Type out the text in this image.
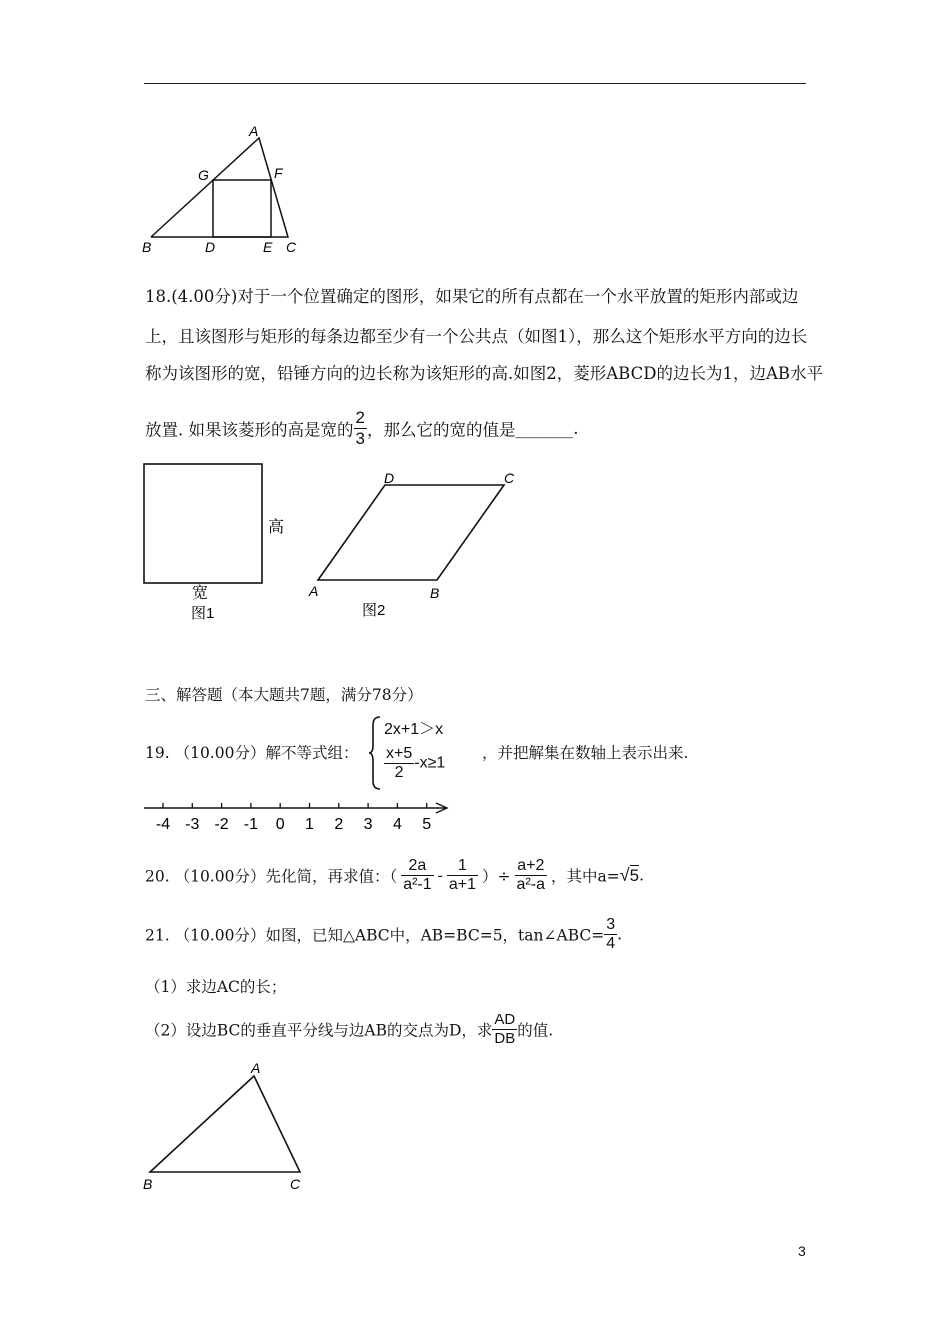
A
G	F
B	D	E C
18.(4.00分)对于一个位置确定的图形，如果它的所有点都在一个水平放置的矩形内部或边
上，且该图形与矩形的每条边都至少有一个公共点（如图1），那么这个矩形水平方向的边长
称为该图形的宽，铅锤方向的边长称为该矩形的高.如图2，菱形ABCD的边长为1，边AB水平
放置. 如果该菱形的高是宽的 $\frac{2}{3}$ ，那么它的宽的值是_______.
高
宽
图1
A	B
C
D
图2
三、解答题（本大题共7题，满分78分）
19. （10.00分）解不等式组：
2x+1＞x
$\frac{x+5}{2} -x\ge 1$
，并把解集在数轴上表示出来.
-4 -3 -2 -1 0 1 2 3 4 5
20. （10.00分）先化简，再求值：（ $\frac{2a}{\text{a²-1}} - \frac{1}{a+1}$ ）÷ $\frac{a+2}{\text{a²-a}}$ ，其中a=√5.
21. （10.00分）如图，已知△ABC中，AB=BC=5，tan∠ABC= $\frac{3}{4}$ .
（1）求边AC的长；
（2）设边BC的垂直平分线与边AB的交点为D，求 $\frac{AD}{DB}$ 的值.
A
B	C
3
